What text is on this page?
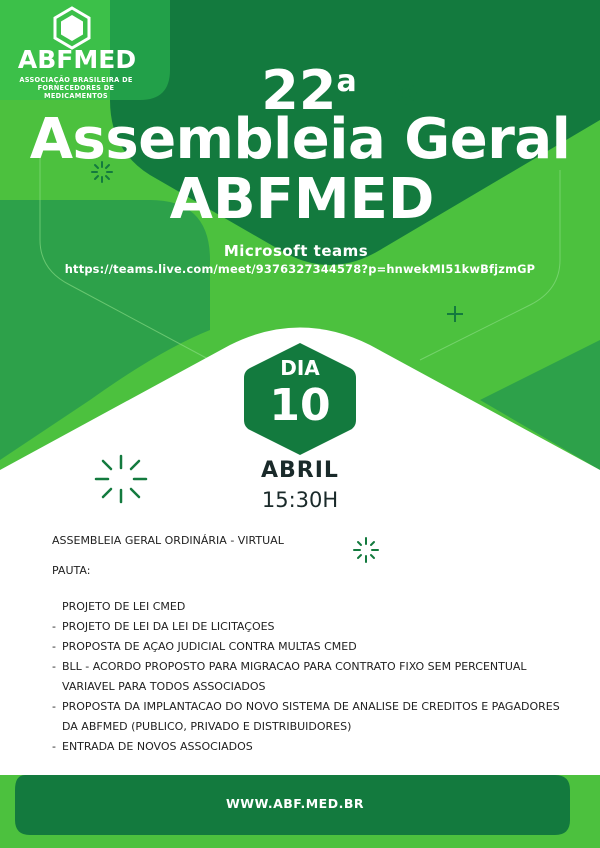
ABFMED
ASSOCIAÇÃO BRASILEIRA DE
FORNECEDORES DE MEDICAMENTOS	22$^a$
Assembleia Geral
ABFMED
Microsoft teams
https://teams.live.com/meet/9376327344578?p=hnwekMI51kwBfjzmGP
DIA
10
ABRIL
15:30H
ASSEMBLEIA GERAL ORDINÁRIA - VIRTUAL
PAUTA:
PROJETO DE LEI CMED
- PROJETO DE LEI DA LEI DE LICITAÇOES
- PROPOSTA DE AÇAO JUDICIAL CONTRA MULTAS CMED
- BLL - ACORDO PROPOSTO PARA MIGRACAO PARA CONTRATO FIXO SEM PERCENTUAL VARIAVEL PARA TODOS ASSOCIADOS
- PROPOSTA DA IMPLANTACAO DO NOVO SISTEMA DE ANALISE DE CREDITOS E PAGADORES DA ABFMED (PUBLICO, PRIVADO E DISTRIBUIDORES)
- ENTRADA DE NOVOS ASSOCIADOS
WWW.ABF.MED.BR
